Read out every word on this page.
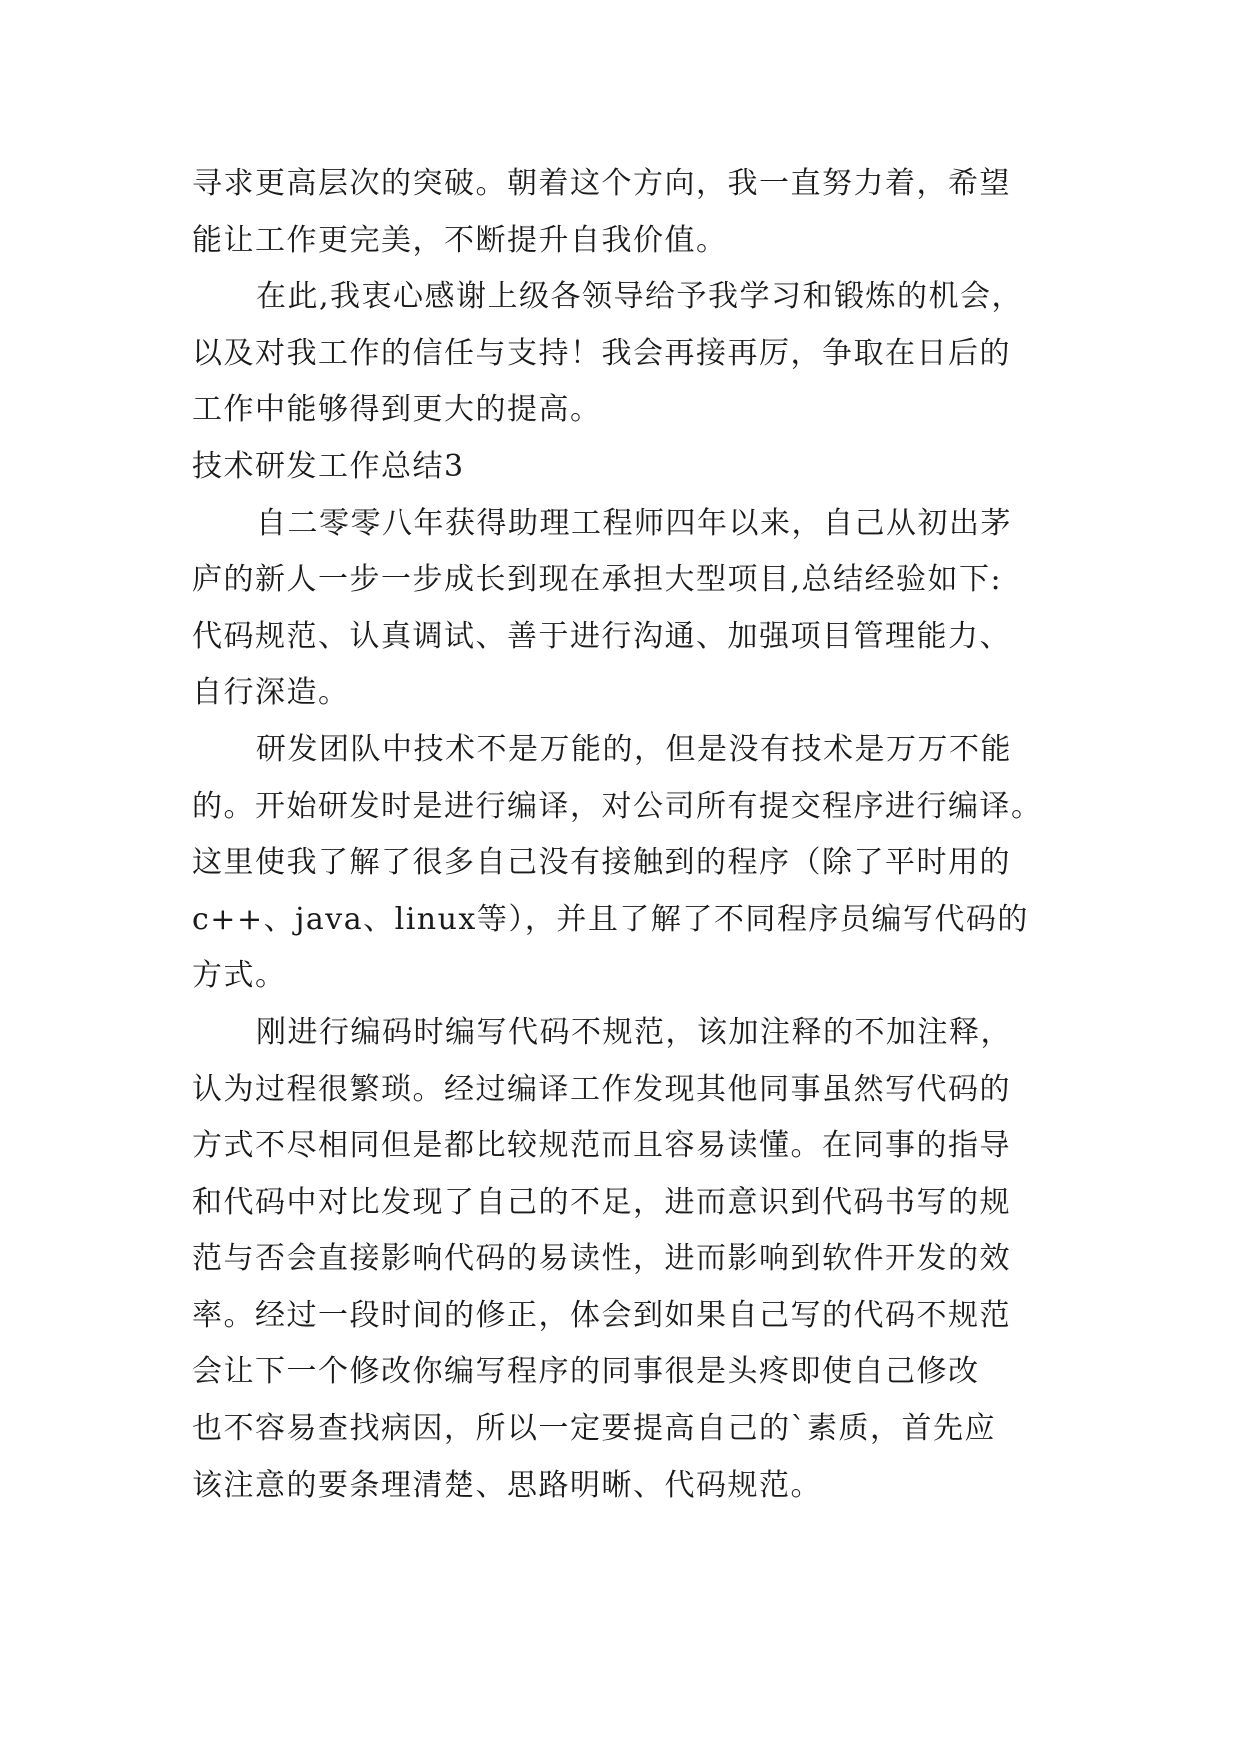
寻求更高层次的突破。朝着这个方向，我一直努力着，希望
能让工作更完美，不断提升自我价值。
在此,我衷心感谢上级各领导给予我学习和锻炼的机会，
以及对我工作的信任与支持！我会再接再厉，争取在日后的
工作中能够得到更大的提高。
技术研发工作总结3
自二零零八年获得助理工程师四年以来，自己从初出茅
庐的新人一步一步成长到现在承担大型项目,总结经验如下:
代码规范、认真调试、善于进行沟通、加强项目管理能力、
自行深造。
研发团队中技术不是万能的，但是没有技术是万万不能
的。开始研发时是进行编译，对公司所有提交程序进行编译。
这里使我了解了很多自己没有接触到的程序（除了平时用的
c++、java、linux等），并且了解了不同程序员编写代码的
方式。
刚进行编码时编写代码不规范，该加注释的不加注释，
认为过程很繁琐。经过编译工作发现其他同事虽然写代码的
方式不尽相同但是都比较规范而且容易读懂。在同事的指导
和代码中对比发现了自己的不足，进而意识到代码书写的规
范与否会直接影响代码的易读性，进而影响到软件开发的效
率。经过一段时间的修正，体会到如果自己写的代码不规范
会让下一个修改你编写程序的同事很是头疼即使自己修改
也不容易查找病因，所以一定要提高自己的`素质，首先应
该注意的要条理清楚、思路明晰、代码规范。
